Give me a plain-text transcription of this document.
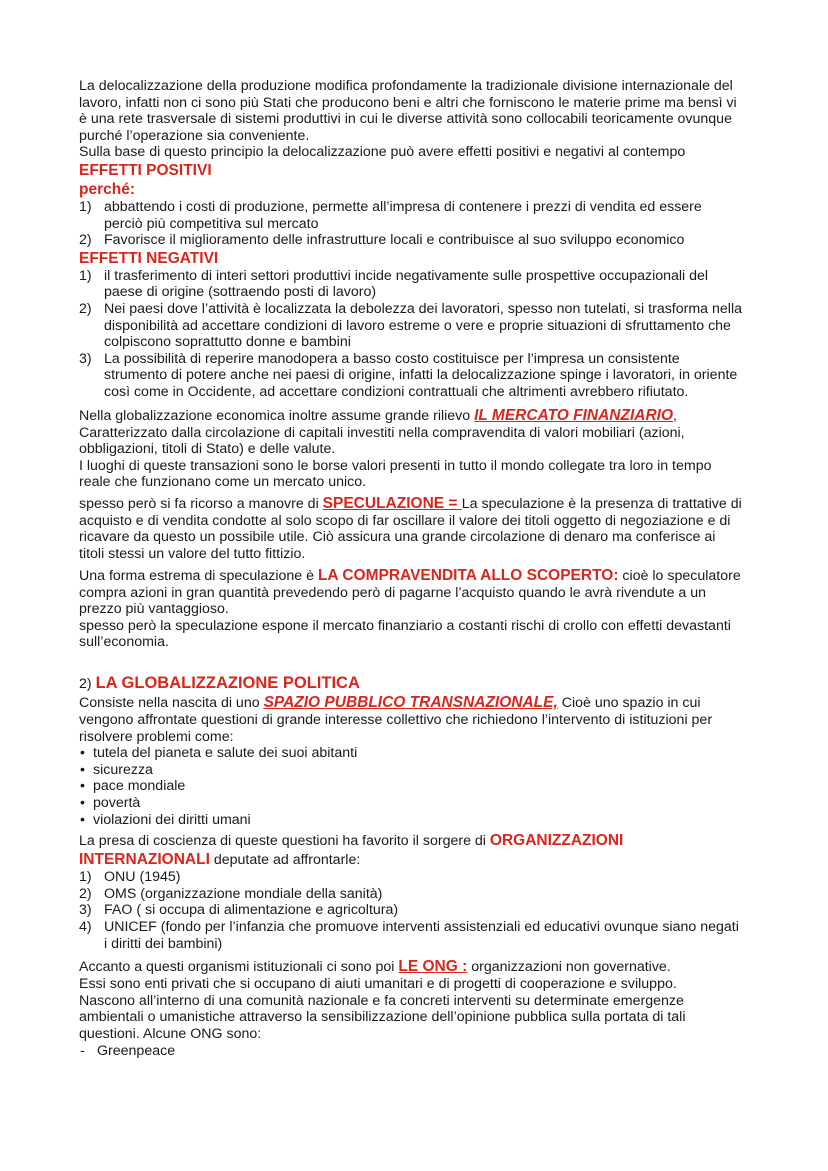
La delocalizzazione della produzione modifica profondamente la tradizionale divisione internazionale del lavoro, infatti non ci sono più Stati che producono beni e altri che forniscono le materie prime ma bensì vi è una rete trasversale di sistemi produttivi in cui le diverse attività sono collocabili teoricamente ovunque purché l’operazione sia conveniente.

Sulla base di questo principio la delocalizzazione può avere effetti positivi e negativi al contempo

EFFETTI POSITIVI

perché:

1) abbattendo i costi di produzione, permette all’impresa di contenere i prezzi di vendita ed essere perciò più competitiva sul mercato
2) Favorisce il miglioramento delle infrastrutture locali e contribuisce al suo sviluppo economico

EFFETTI NEGATIVI

1) il trasferimento di interi settori produttivi incide negativamente sulle prospettive occupazionali del paese di origine (sottraendo posti di lavoro)
2) Nei paesi dove l’attività è localizzata la debolezza dei lavoratori, spesso non tutelati, si trasforma nella disponibilità ad accettare condizioni di lavoro estreme o vere e proprie situazioni di sfruttamento che colpiscono soprattutto donne e bambini
3) La possibilità di reperire manodopera a basso costo costituisce per l’impresa un consistente strumento di potere anche nei paesi di origine, infatti la delocalizzazione spinge i lavoratori, in oriente così come in Occidente, ad accettare condizioni contrattuali che altrimenti avrebbero rifiutato.

Nella globalizzazione economica inoltre assume grande rilievo IL MERCATO FINANZIARIO, Caratterizzato dalla circolazione di capitali investiti nella compravendita di valori mobiliari (azioni, obbligazioni, titoli di Stato) e delle valute.

I luoghi di queste transazioni sono le borse valori presenti in tutto il mondo collegate tra loro in tempo reale che funzionano come un mercato unico.

spesso però si fa ricorso a manovre di SPECULAZIONE = La speculazione è la presenza di trattative di acquisto e di vendita condotte al solo scopo di far oscillare il valore dei titoli oggetto di negoziazione e di ricavare da questo un possibile utile. Ciò assicura una grande circolazione di denaro ma conferisce ai titoli stessi un valore del tutto fittizio.

Una forma estrema di speculazione è LA COMPRAVENDITA ALLO SCOPERTO: cioè lo speculatore compra azioni in gran quantità prevedendo però di pagarne l’acquisto quando le avrà rivendute a un prezzo più vantaggioso.

spesso però la speculazione espone il mercato finanziario a costanti rischi di crollo con effetti devastanti sull’economia.

2) LA GLOBALIZZAZIONE POLITICA

Consiste nella nascita di uno SPAZIO PUBBLICO TRANSNAZIONALE, Cioè uno spazio in cui vengono affrontate questioni di grande interesse collettivo che richiedono l’intervento di istituzioni per risolvere problemi come:

• tutela del pianeta e salute dei suoi abitanti
• sicurezza
• pace mondiale
• povertà
• violazioni dei diritti umani

La presa di coscienza di queste questioni ha favorito il sorgere di ORGANIZZAZIONI INTERNAZIONALI deputate ad affrontarle:

1) ONU (1945)
2) OMS (organizzazione mondiale della sanità)
3) FAO ( si occupa di alimentazione e agricoltura)
4) UNICEF (fondo per l’infanzia che promuove interventi assistenziali ed educativi ovunque siano negati i diritti dei bambini)

Accanto a questi organismi istituzionali ci sono poi LE ONG : organizzazioni non governative.

Essi sono enti privati che si occupano di aiuti umanitari e di progetti di cooperazione e sviluppo.

Nascono all’interno di una comunità nazionale e fa concreti interventi su determinate emergenze ambientali o umanistiche attraverso la sensibilizzazione dell’opinione pubblica sulla portata di tali questioni. Alcune ONG sono:

- Greenpeace
